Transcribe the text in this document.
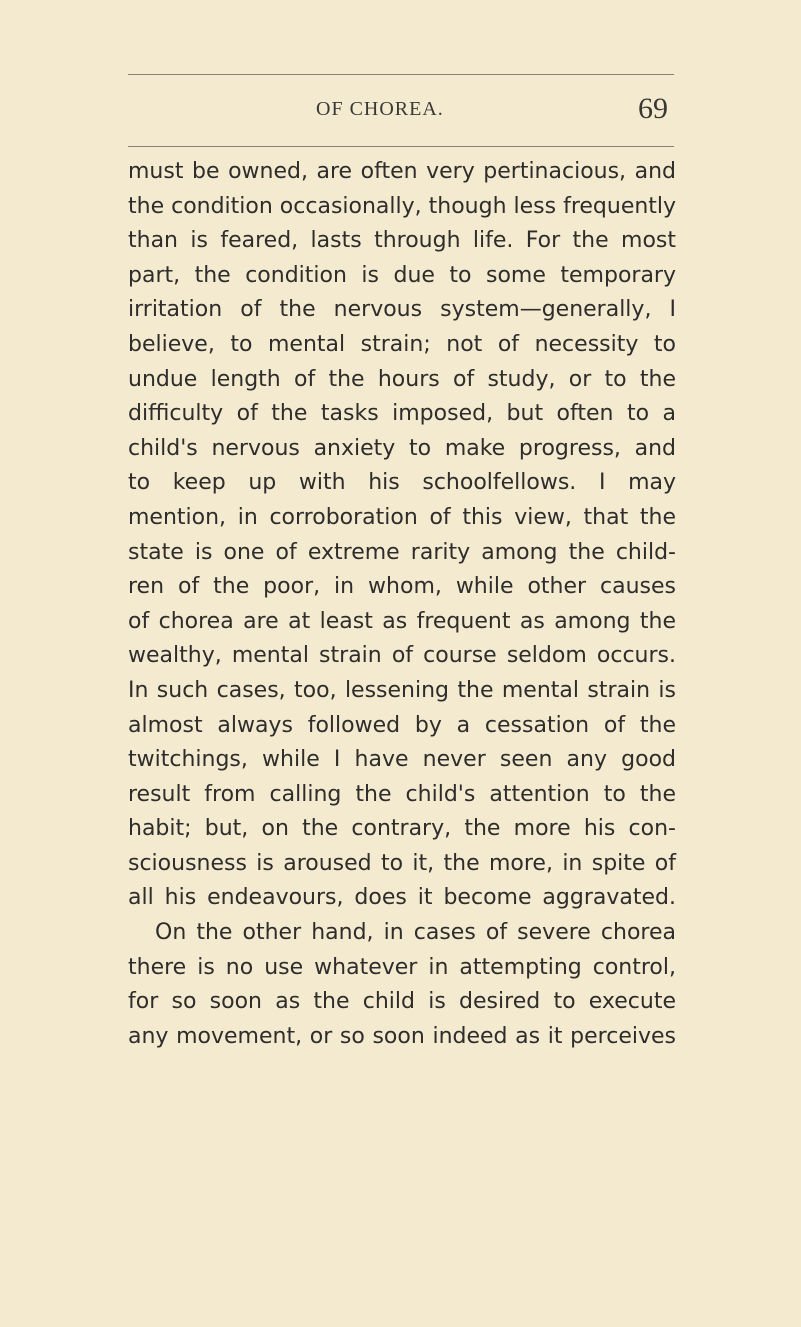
OF CHOREA.	69
must be owned, are often very pertinacious, and
the condition occasionally, though less frequently
than is feared, lasts through life. For the most
part, the condition is due to some temporary
irritation of the nervous system—generally, I
believe, to mental strain; not of necessity to
undue length of the hours of study, or to the
difficulty of the tasks imposed, but often to a
child's nervous anxiety to make progress, and
to keep up with his schoolfellows. I may
mention, in corroboration of this view, that the
state is one of extreme rarity among the child-
ren of the poor, in whom, while other causes
of chorea are at least as frequent as among the
wealthy, mental strain of course seldom occurs.
In such cases, too, lessening the mental strain is
almost always followed by a cessation of the
twitchings, while I have never seen any good
result from calling the child's attention to the
habit; but, on the contrary, the more his con-
sciousness is aroused to it, the more, in spite of
all his endeavours, does it become aggravated.
On the other hand, in cases of severe chorea
there is no use whatever in attempting control,
for so soon as the child is desired to execute
any movement, or so soon indeed as it perceives
